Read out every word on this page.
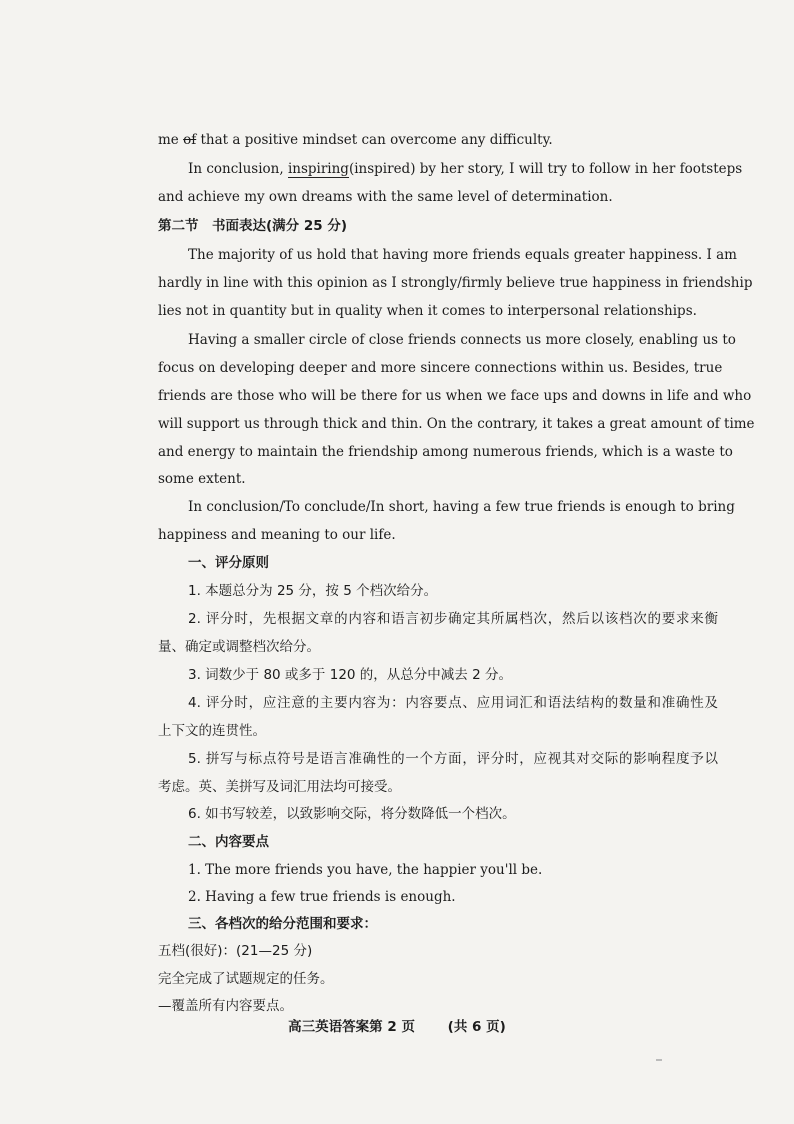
me of that a positive mindset can overcome any difficulty.
In conclusion, inspiring(inspired) by her story, I will try to follow in her footsteps
and achieve my own dreams with the same level of determination.
第二节　书面表达(满分 25 分)
The majority of us hold that having more friends equals greater happiness. I am
hardly in line with this opinion as I strongly/firmly believe true happiness in friendship
lies not in quantity but in quality when it comes to interpersonal relationships.
Having a smaller circle of close friends connects us more closely, enabling us to
focus on developing deeper and more sincere connections within us. Besides, true
friends are those who will be there for us when we face ups and downs in life and who
will support us through thick and thin. On the contrary, it takes a great amount of time
and energy to maintain the friendship among numerous friends, which is a waste to
some extent.
In conclusion/To conclude/In short, having a few true friends is enough to bring
happiness and meaning to our life.
一、评分原则
1. 本题总分为 25 分，按 5 个档次给分。
2. 评分时，先根据文章的内容和语言初步确定其所属档次，然后以该档次的要求来衡
量、确定或调整档次给分。
3. 词数少于 80 或多于 120 的，从总分中减去 2 分。
4. 评分时，应注意的主要内容为：内容要点、应用词汇和语法结构的数量和准确性及
上下文的连贯性。
5. 拼写与标点符号是语言准确性的一个方面，评分时，应视其对交际的影响程度予以
考虑。英、美拼写及词汇用法均可接受。
6. 如书写较差，以致影响交际，将分数降低一个档次。
二、内容要点
1. The more friends you have, the happier you'll be.
2. Having a few true friends is enough.
三、各档次的给分范围和要求：
五档(很好)：(21—25 分)
完全完成了试题规定的任务。
—覆盖所有内容要点。
高三英语答案第 2 页 (共 6 页)
